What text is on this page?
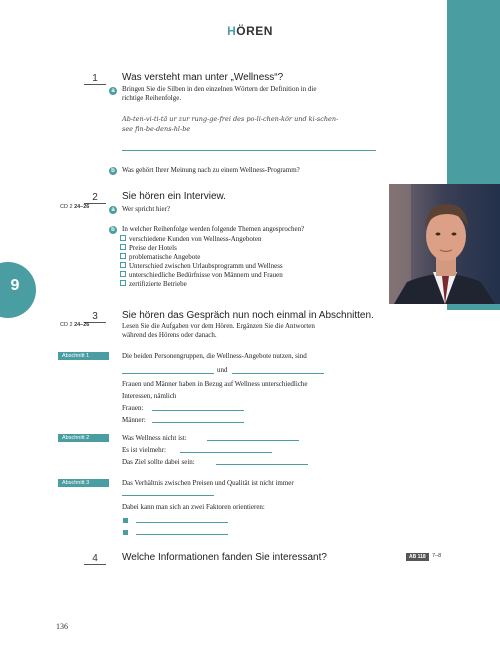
HÖREN
9
1	Was versteht man unter „Wellness“?
a	Bringen Sie die Silben in den einzelnen Wörtern der Definition in die
richtige Reihenfolge.
Ab-ten-vi-ti-tä ur zur rung-ge-frei des po-li-chen-kör und ki-schen-
see fin-be-dens-hl-be
b	Was gehört Ihrer Meinung nach zu einem Wellness-Programm?
2
CD 2 24–26
Sie hören ein Interview.
a	Wer spricht hier?
b	In welcher Reihenfolge werden folgende Themen angesprochen?
verschiedene Kunden von Wellness-Angeboten
Preise der Hotels
problematische Angebote
Unterschied zwischen Urlaubsprogramm und Wellness
unterschiedliche Bedürfnisse von Männern und Frauen
zertifizierte Betriebe
3
CD 2 24–26
Sie hören das Gespräch nun noch einmal in Abschnitten.
Lesen Sie die Aufgaben vor dem Hören. Ergänzen Sie die Antworten
während des Hörens oder danach.
Abschnitt 1	Die beiden Personengruppen, die Wellness-Angebote nutzen, sind
und
Frauen und Männer haben in Bezug auf Wellness unterschiedliche
Interessen, nämlich
Frauen:
Männer:
Abschnitt 2	Was Wellness nicht ist:
Es ist vielmehr:
Das Ziel sollte dabei sein:
Abschnitt 3	Das Verhältnis zwischen Preisen und Qualität ist nicht immer
Dabei kann man sich an zwei Faktoren orientieren:
4	Welche Informationen fanden Sie interessant?	AB 118	7–8
136
